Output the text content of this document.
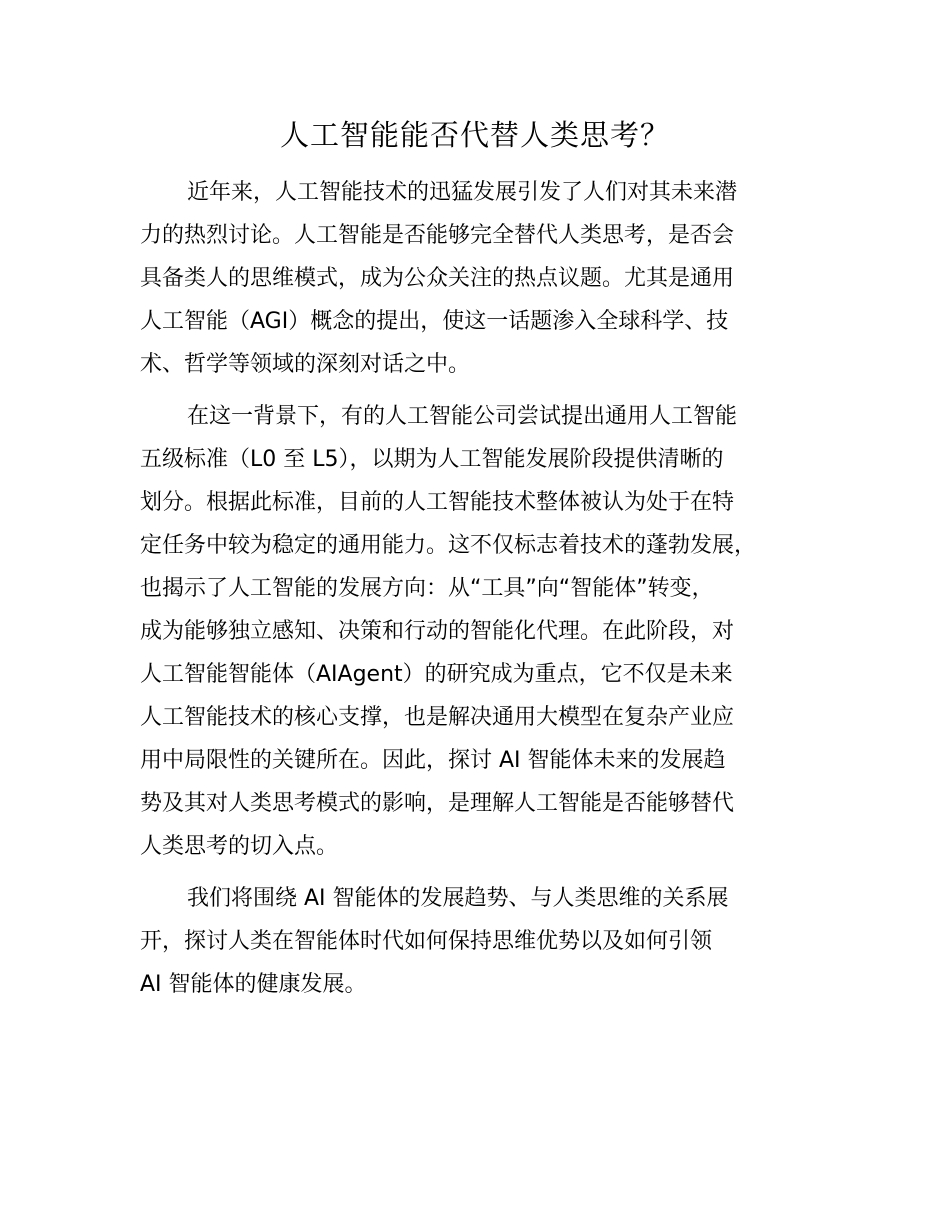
人工智能能否代替人类思考？

近年来，人工智能技术的迅猛发展引发了人们对其未来潜
力的热烈讨论。人工智能是否能够完全替代人类思考，是否会
具备类人的思维模式，成为公众关注的热点议题。尤其是通用
人工智能（AGI）概念的提出，使这一话题渗入全球科学、技
术、哲学等领域的深刻对话之中。

在这一背景下，有的人工智能公司尝试提出通用人工智能
五级标准（L0 至 L5），以期为人工智能发展阶段提供清晰的
划分。根据此标准，目前的人工智能技术整体被认为处于在特
定任务中较为稳定的通用能力。这不仅标志着技术的蓬勃发展，
也揭示了人工智能的发展方向：从“工具”向“智能体”转变，
成为能够独立感知、决策和行动的智能化代理。在此阶段，对
人工智能智能体（AIAgent）的研究成为重点，它不仅是未来
人工智能技术的核心支撑，也是解决通用大模型在复杂产业应
用中局限性的关键所在。因此，探讨 AI 智能体未来的发展趋
势及其对人类思考模式的影响，是理解人工智能是否能够替代
人类思考的切入点。

我们将围绕 AI 智能体的发展趋势、与人类思维的关系展
开，探讨人类在智能体时代如何保持思维优势以及如何引领
AI 智能体的健康发展。
